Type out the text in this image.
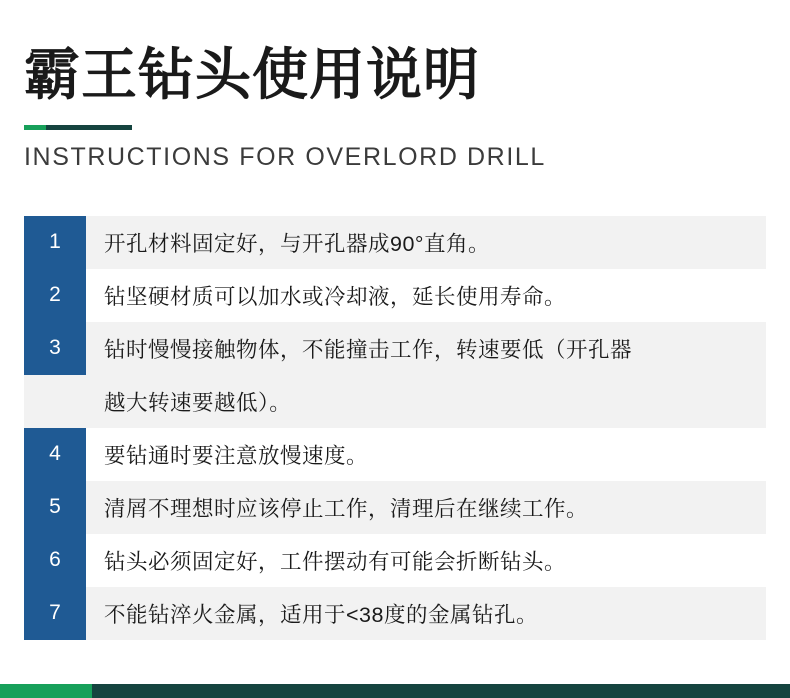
霸王钻头使用说明
INSTRUCTIONS FOR OVERLORD DRILL
1	开孔材料固定好，与开孔器成90°直角。
2	钻坚硬材质可以加水或冷却液，延长使用寿命。
3	钻时慢慢接触物体，不能撞击工作，转速要低（开孔器
越大转速要越低）。
4	要钻通时要注意放慢速度。
5	清屑不理想时应该停止工作，清理后在继续工作。
6	钻头必须固定好，工件摆动有可能会折断钻头。
7	不能钻淬火金属，适用于<38度的金属钻孔。
